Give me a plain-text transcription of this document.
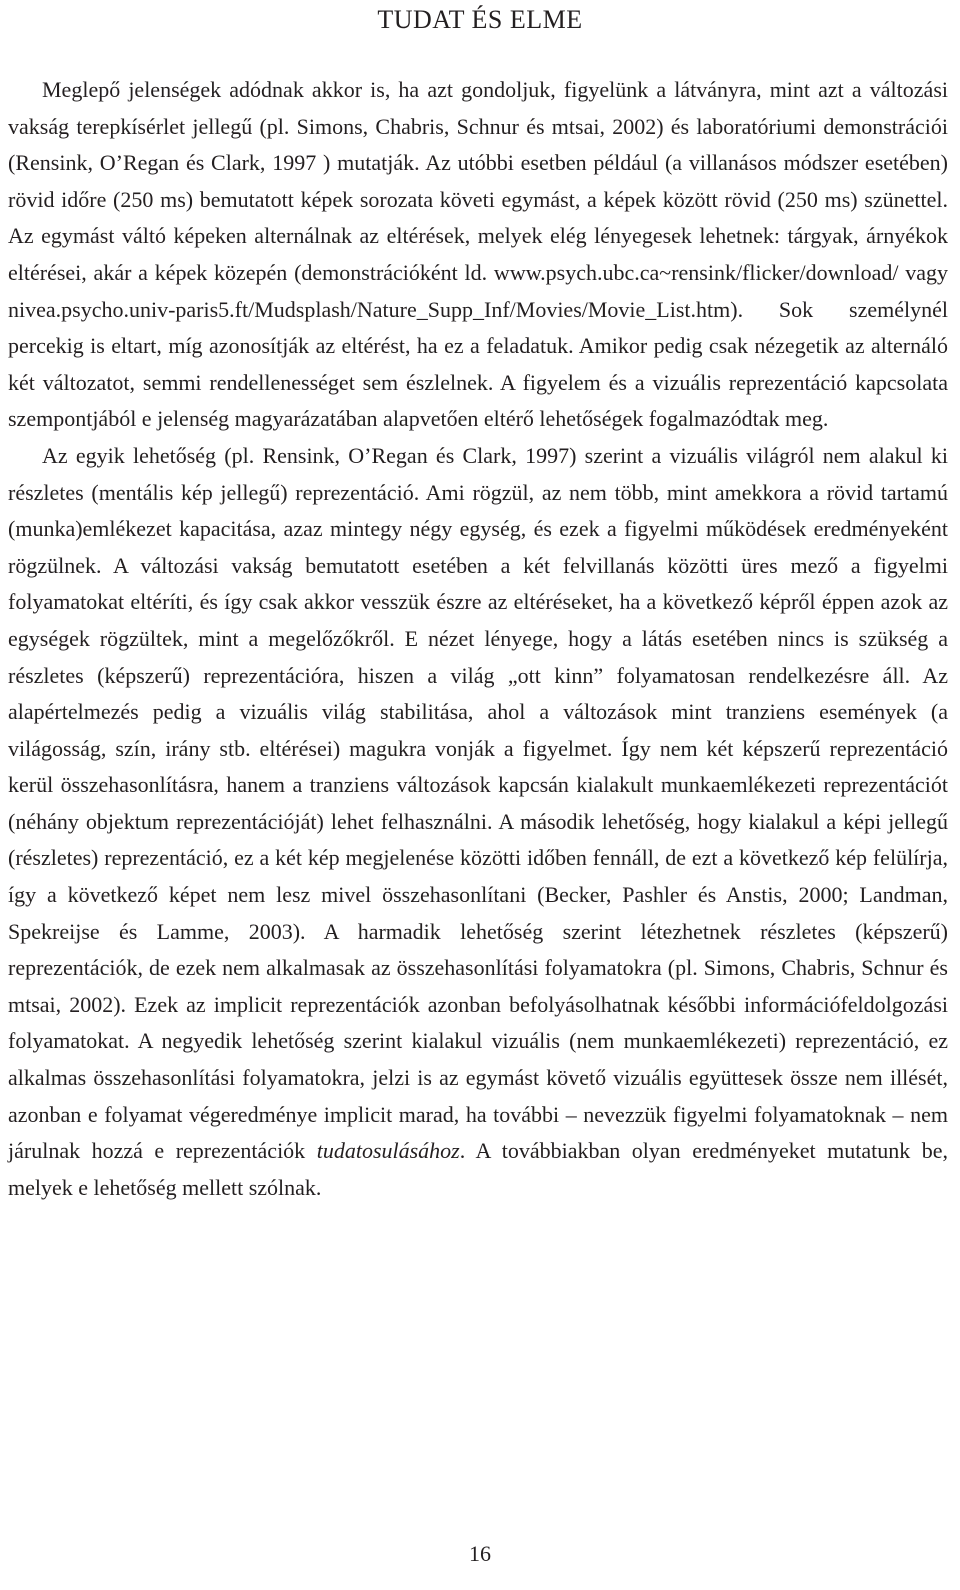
TUDAT ÉS ELME

Meglepő jelenségek adódnak akkor is, ha azt gondoljuk, figyelünk a látványra, mint azt a változási vakság terepkísérlet jellegű (pl. Simons, Chabris, Schnur és mtsai, 2002) és laboratóriumi demonstrációi (Rensink, O’Regan és Clark, 1997 ) mutatják. Az utóbbi esetben például (a villanásos módszer esetében) rövid időre (250 ms) bemutatott képek sorozata követi egymást, a képek között rövid (250 ms) szünettel. Az egymást váltó képeken alternálnak az eltérések, melyek elég lényegesek lehetnek: tárgyak, árnyékok eltérései, akár a képek közepén (demonstrációként ld. www.psych.ubc.ca~rensink/flicker/download/ vagy nivea.psycho.univ-paris5.ft/Mudsplash/Nature_Supp_Inf/Movies/Movie_List.htm). Sok személynél percekig is eltart, míg azonosítják az eltérést, ha ez a feladatuk. Amikor pedig csak nézegetik az alternáló két változatot, semmi rendellenességet sem észlelnek. A figyelem és a vizuális reprezentáció kapcsolata szempontjából e jelenség magyarázatában alapvetően eltérő lehetőségek fogalmazódtak meg.

Az egyik lehetőség (pl. Rensink, O’Regan és Clark, 1997) szerint a vizuális világról nem alakul ki részletes (mentális kép jellegű) reprezentáció. Ami rögzül, az nem több, mint amekkora a rövid tartamú (munka)emlékezet kapacitása, azaz mintegy négy egység, és ezek a figyelmi működések eredményeként rögzülnek. A változási vakság bemutatott esetében a két felvillanás közötti üres mező a figyelmi folyamatokat eltéríti, és így csak akkor vesszük észre az eltéréseket, ha a következő képről éppen azok az egységek rögzültek, mint a megelőzőkről. E nézet lényege, hogy a látás esetében nincs is szükség a részletes (képszerű) reprezentációra, hiszen a világ „ott kinn” folyamatosan rendelkezésre áll. Az alapértelmezés pedig a vizuális világ stabilitása, ahol a változások mint tranziens események (a világosság, szín, irány stb. eltérései) magukra vonják a figyelmet. Így nem két képszerű reprezentáció kerül összehasonlításra, hanem a tranziens változások kapcsán kialakult munkaemlékezeti reprezentációt (néhány objektum reprezentációját) lehet felhasználni. A második lehetőség, hogy kialakul a képi jellegű (részletes) reprezentáció, ez a két kép megjelenése közötti időben fennáll, de ezt a következő kép felülírja, így a következő képet nem lesz mivel összehasonlítani (Becker, Pashler és Anstis, 2000; Landman, Spekreijse és Lamme, 2003). A harmadik lehetőség szerint létezhetnek részletes (képszerű) reprezentációk, de ezek nem alkalmasak az összehasonlítási folyamatokra (pl. Simons, Chabris, Schnur és mtsai, 2002). Ezek az implicit reprezentációk azonban befolyásolhatnak későbbi információfeldolgozási folyamatokat. A negyedik lehetőség szerint kialakul vizuális (nem munkaemlékezeti) reprezentáció, ez alkalmas összehasonlítási folyamatokra, jelzi is az egymást követő vizuális együttesek össze nem illését, azonban e folyamat végeredménye implicit marad, ha további – nevezzük figyelmi folyamatoknak – nem járulnak hozzá e reprezentációk tudatosulásához. A továbbiakban olyan eredményeket mutatunk be, melyek e lehetőség mellett szólnak.

16
